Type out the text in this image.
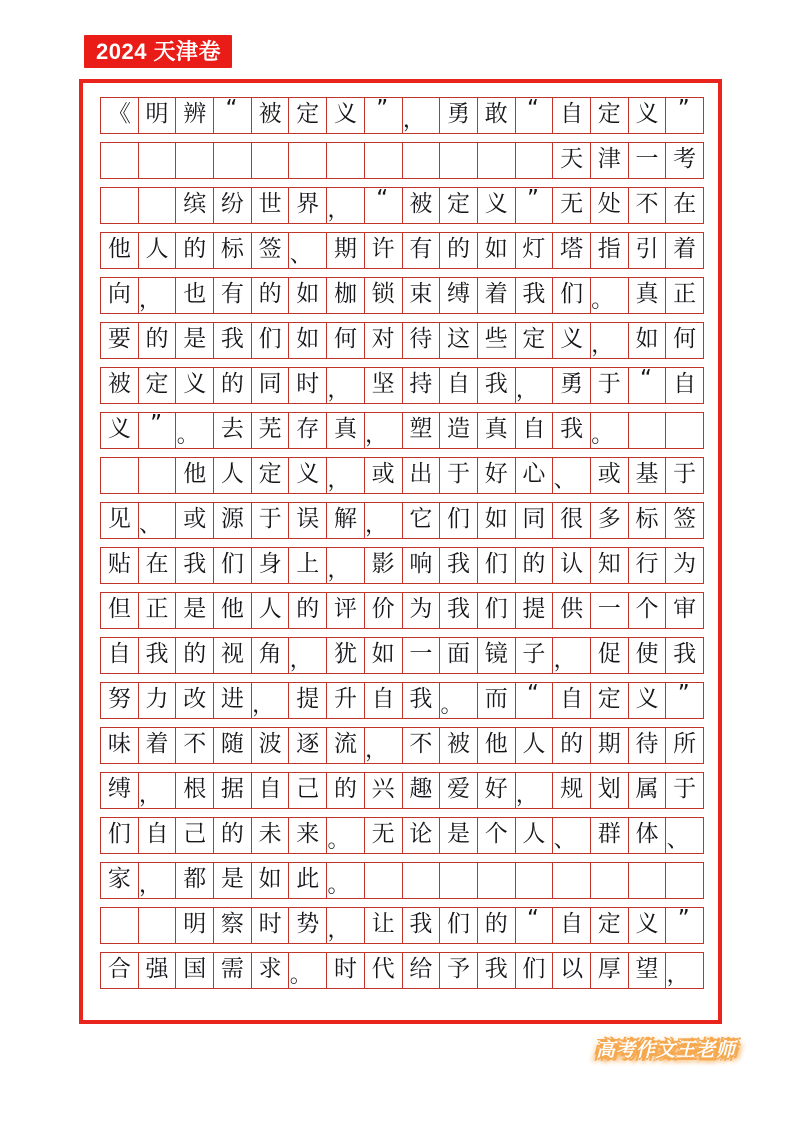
2024 天津卷
《 明 辨 “ 被 定 义 ” ， 勇 敢 “ 自 定 义 ”
天 津 一 考
缤 纷 世 界 ， “ 被 定 义 ” 无 处 不 在
他 人 的 标 签 、 期 许 有 的 如 灯 塔 指 引 着
向 ， 也 有 的 如 枷 锁 束 缚 着 我 们 。 真 正
要 的 是 我 们 如 何 对 待 这 些 定 义 ， 如 何
被 定 义 的 同 时 ， 坚 持 自 我 ， 勇 于 “ 自
义 ” 。 去 芜 存 真 ， 塑 造 真 自 我 。
他 人 定 义 ， 或 出 于 好 心 、 或 基 于
见 、 或 源 于 误 解 ， 它 们 如 同 很 多 标 签
贴 在 我 们 身 上 ， 影 响 我 们 的 认 知 行 为
但 正 是 他 人 的 评 价 为 我 们 提 供 一 个 审
自 我 的 视 角 ， 犹 如 一 面 镜 子 ， 促 使 我
努 力 改 进 ， 提 升 自 我 。 而 “ 自 定 义 ”
味 着 不 随 波 逐 流 ， 不 被 他 人 的 期 待 所
缚 ， 根 据 自 己 的 兴 趣 爱 好 ， 规 划 属 于
们 自 己 的 未 来 。 无 论 是 个 人 、 群 体 、
家 ， 都 是 如 此 。
明 察 时 势 ， 让 我 们 的 “ 自 定 义 ”
合 强 国 需 求 。 时 代 给 予 我 们 以 厚 望 ，
高考作文王老师
